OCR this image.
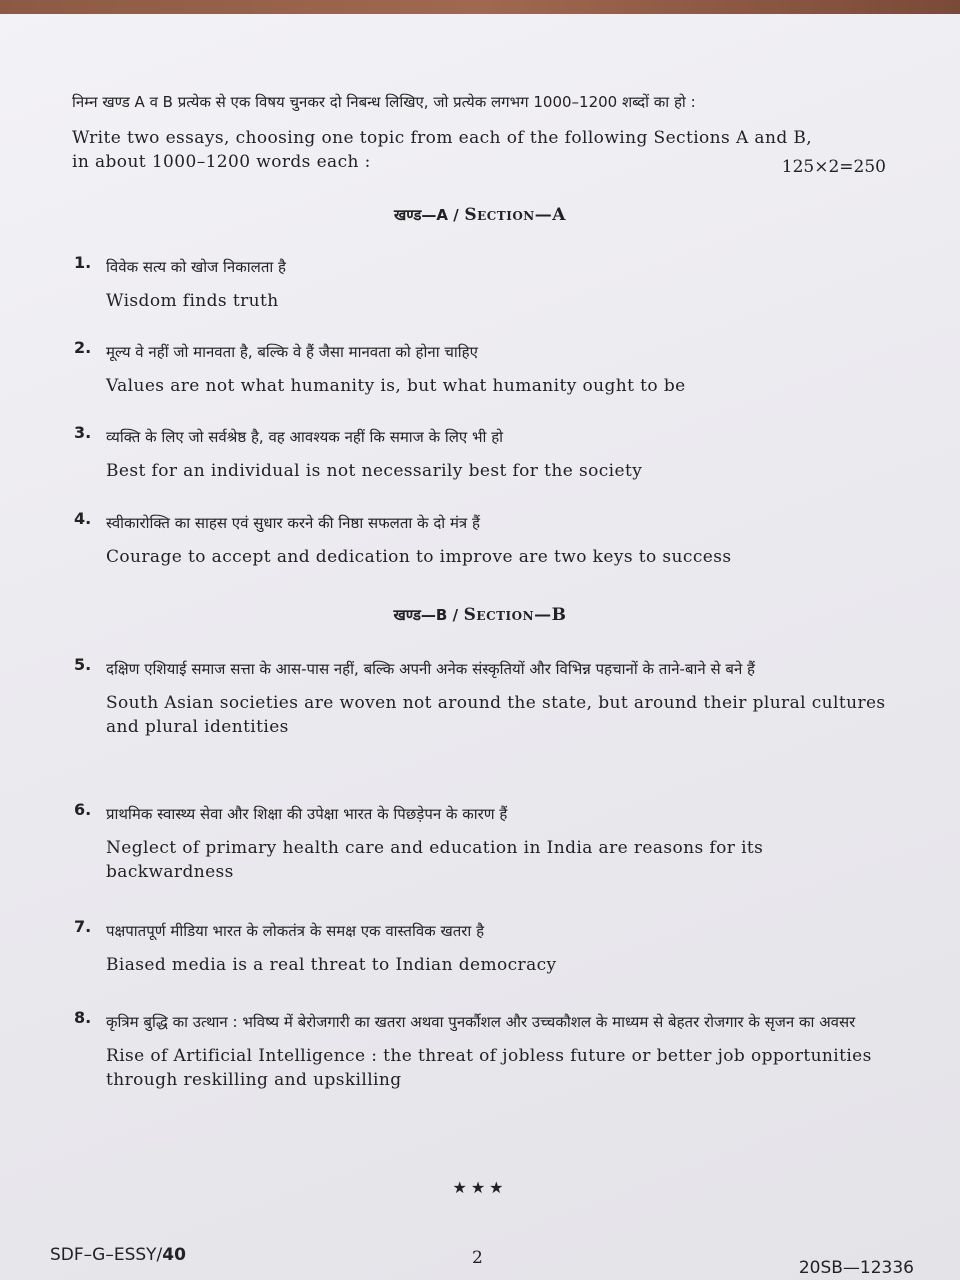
निम्न खण्ड A व B प्रत्येक से एक विषय चुनकर दो निबन्ध लिखिए, जो प्रत्येक लगभग 1000–1200 शब्दों का हो :
Write two essays, choosing one topic from each of the following Sections A and B, in about 1000–1200 words each :	125×2=250
खण्ड—A / Section—A
1. विवेक सत्य को खोज निकालता है
Wisdom finds truth
2. मूल्य वे नहीं जो मानवता है, बल्कि वे हैं जैसा मानवता को होना चाहिए
Values are not what humanity is, but what humanity ought to be
3. व्यक्ति के लिए जो सर्वश्रेष्ठ है, वह आवश्यक नहीं कि समाज के लिए भी हो
Best for an individual is not necessarily best for the society
4. स्वीकारोक्ति का साहस एवं सुधार करने की निष्ठा सफलता के दो मंत्र हैं
Courage to accept and dedication to improve are two keys to success
खण्ड—B / Section—B
5. दक्षिण एशियाई समाज सत्ता के आस-पास नहीं, बल्कि अपनी अनेक संस्कृतियों और विभिन्न पहचानों के ताने-बाने से बने हैं
South Asian societies are woven not around the state, but around their plural cultures and plural identities
6. प्राथमिक स्वास्थ्य सेवा और शिक्षा की उपेक्षा भारत के पिछड़ेपन के कारण हैं
Neglect of primary health care and education in India are reasons for its backwardness
7. पक्षपातपूर्ण मीडिया भारत के लोकतंत्र के समक्ष एक वास्तविक खतरा है
Biased media is a real threat to Indian democracy
8. कृत्रिम बुद्धि का उत्थान : भविष्य में बेरोजगारी का खतरा अथवा पुनर्कौशल और उच्चकौशल के माध्यम से बेहतर रोजगार के सृजन का अवसर
Rise of Artificial Intelligence : the threat of jobless future or better job opportunities through reskilling and upskilling
★★★
SDF–G–ESSY/40	2	20SB—12336
